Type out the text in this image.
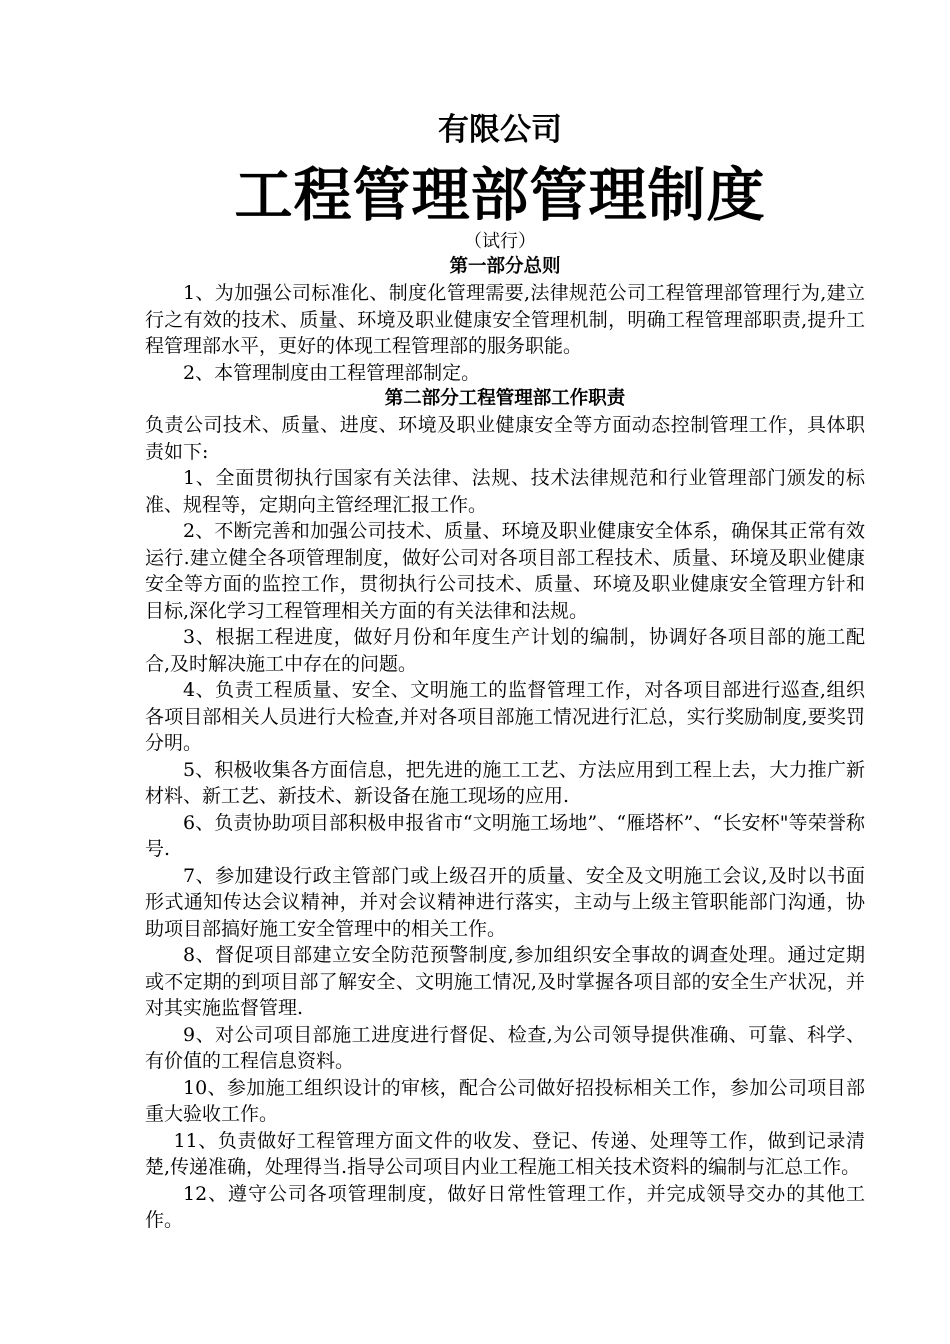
有限公司
工程管理部管理制度
（试行）

第一部分总则

1、为加强公司标准化、制度化管理需要,法律规范公司工程管理部管理行为,建立行之有效的技术、质量、环境及职业健康安全管理机制，明确工程管理部职责,提升工程管理部水平，更好的体现工程管理部的服务职能。

2、本管理制度由工程管理部制定。

第二部分工程管理部工作职责

负责公司技术、质量、进度、环境及职业健康安全等方面动态控制管理工作，具体职责如下:

1、全面贯彻执行国家有关法律、法规、技术法律规范和行业管理部门颁发的标准、规程等，定期向主管经理汇报工作。

2、不断完善和加强公司技术、质量、环境及职业健康安全体系，确保其正常有效运行.建立健全各项管理制度，做好公司对各项目部工程技术、质量、环境及职业健康安全等方面的监控工作，贯彻执行公司技术、质量、环境及职业健康安全管理方针和目标,深化学习工程管理相关方面的有关法律和法规。

3、根据工程进度，做好月份和年度生产计划的编制，协调好各项目部的施工配合,及时解决施工中存在的问题。

4、负责工程质量、安全、文明施工的监督管理工作，对各项目部进行巡查,组织各项目部相关人员进行大检查,并对各项目部施工情况进行汇总，实行奖励制度,要奖罚分明。

5、积极收集各方面信息，把先进的施工工艺、方法应用到工程上去，大力推广新材料、新工艺、新技术、新设备在施工现场的应用.

6、负责协助项目部积极申报省市“文明施工场地”、“雁塔杯”、“长安杯"等荣誉称号.

7、参加建设行政主管部门或上级召开的质量、安全及文明施工会议,及时以书面形式通知传达会议精神，并对会议精神进行落实，主动与上级主管职能部门沟通，协助项目部搞好施工安全管理中的相关工作。

8、督促项目部建立安全防范预警制度,参加组织安全事故的调查处理。通过定期或不定期的到项目部了解安全、文明施工情况,及时掌握各项目部的安全生产状况，并对其实施监督管理.

9、对公司项目部施工进度进行督促、检查,为公司领导提供准确、可靠、科学、有价值的工程信息资料。

10、参加施工组织设计的审核，配合公司做好招投标相关工作，参加公司项目部重大验收工作。

11、负责做好工程管理方面文件的收发、登记、传递、处理等工作，做到记录清楚,传递准确，处理得当.指导公司项目内业工程施工相关技术资料的编制与汇总工作。

12、遵守公司各项管理制度，做好日常性管理工作，并完成领导交办的其他工作。
